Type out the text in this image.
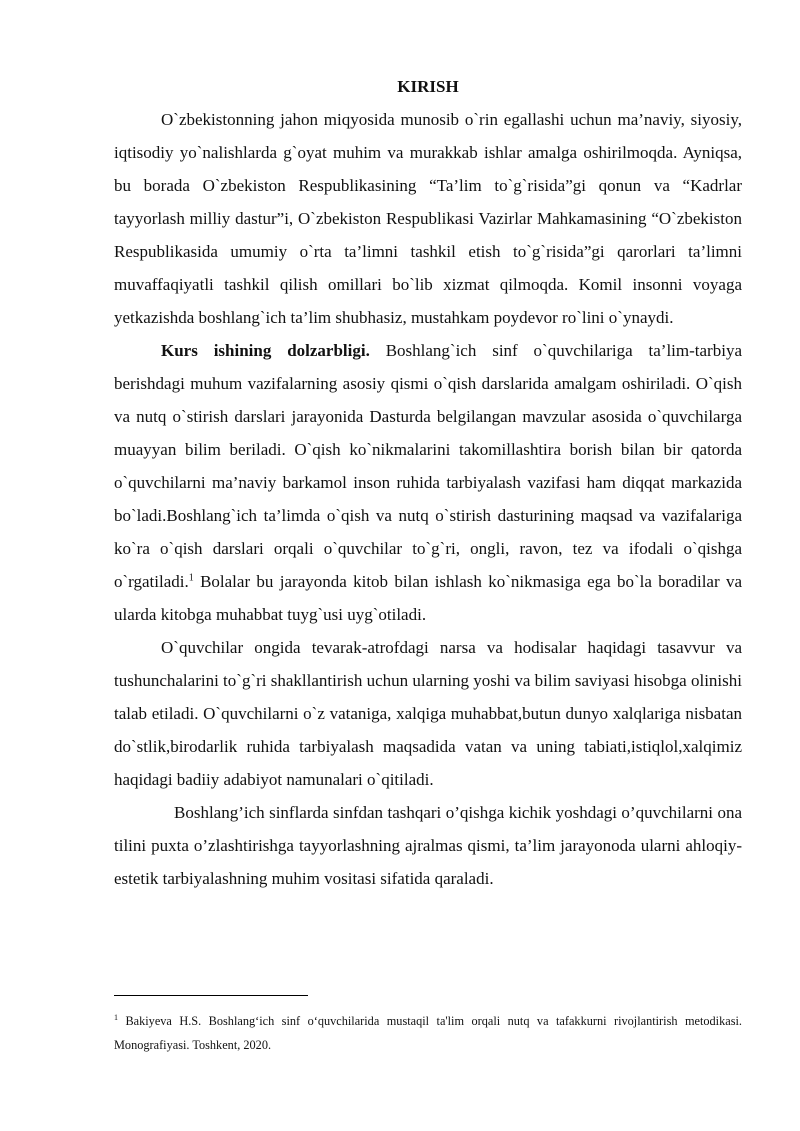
KIRISH

O`zbekistonning jahon miqyosida munosib o`rin egallashi uchun ma’naviy, siyosiy, iqtisodiy yo`nalishlarda g`oyat muhim va murakkab ishlar amalga oshirilmoqda. Ayniqsa, bu borada O`zbekiston Respublikasining “Ta’lim to`g`risida”gi qonun va “Kadrlar tayyorlash milliy dastur”i, O`zbekiston Respublikasi Vazirlar Mahkamasining “O`zbekiston Respublikasida umumiy o`rta ta’limni tashkil etish to`g`risida”gi qarorlari ta’limni muvaffaqiyatli tashkil qilish omillari bo`lib xizmat qilmoqda. Komil insonni voyaga yetkazishda boshlang`ich ta’lim shubhasiz, mustahkam poydevor ro`lini o`ynaydi.

Kurs ishining dolzarbligi. Boshlang`ich sinf o`quvchilariga ta’lim-tarbiya berishdagi muhum vazifalarning asosiy qismi o`qish darslarida amalgam oshiriladi. O`qish va nutq o`stirish darslari jarayonida Dasturda belgilangan mavzular asosida o`quvchilarga muayyan bilim beriladi. O`qish ko`nikmalarini takomillashtira borish bilan bir qatorda o`quvchilarni ma’naviy barkamol inson ruhida tarbiyalash vazifasi ham diqqat markazida bo`ladi.Boshlang`ich ta’limda o`qish va nutq o`stirish dasturining maqsad va vazifalariga ko`ra o`qish darslari orqali o`quvchilar to`g`ri, ongli, ravon, tez va ifodali o`qishga o`rgatiladi.$^1$ Bolalar bu jarayonda kitob bilan ishlash ko`nikmasiga ega bo`la boradilar va ularda kitobga muhabbat tuyg`usi uyg`otiladi.

O`quvchilar ongida tevarak-atrofdagi narsa va hodisalar haqidagi tasavvur va tushunchalarini to`g`ri shakllantirish uchun ularning yoshi va bilim saviyasi hisobga olinishi talab etiladi. O`quvchilarni o`z vataniga, xalqiga muhabbat,butun dunyo xalqlariga nisbatan do`stlik,birodarlik ruhida tarbiyalash maqsadida vatan va uning tabiati,istiqlol,xalqimiz haqidagi badiiy adabiyot namunalari o`qitiladi.

Boshlang’ich sinflarda sinfdan tashqari o’qishga kichik yoshdagi o’quvchilarni ona tilini puxta o’zlashtirishga tayyorlashning ajralmas qismi, ta’lim jarayonoda ularni ahloqiy-estetik tarbiyalashning muhim vositasi sifatida qaraladi.

$^1$ Bakiyeva H.S. Boshlang‘ich sinf o‘quvchilarida mustaqil ta'lim orqali nutq va tafakkurni rivojlantirish metodikasi. Monografiyasi. Toshkent, 2020.
